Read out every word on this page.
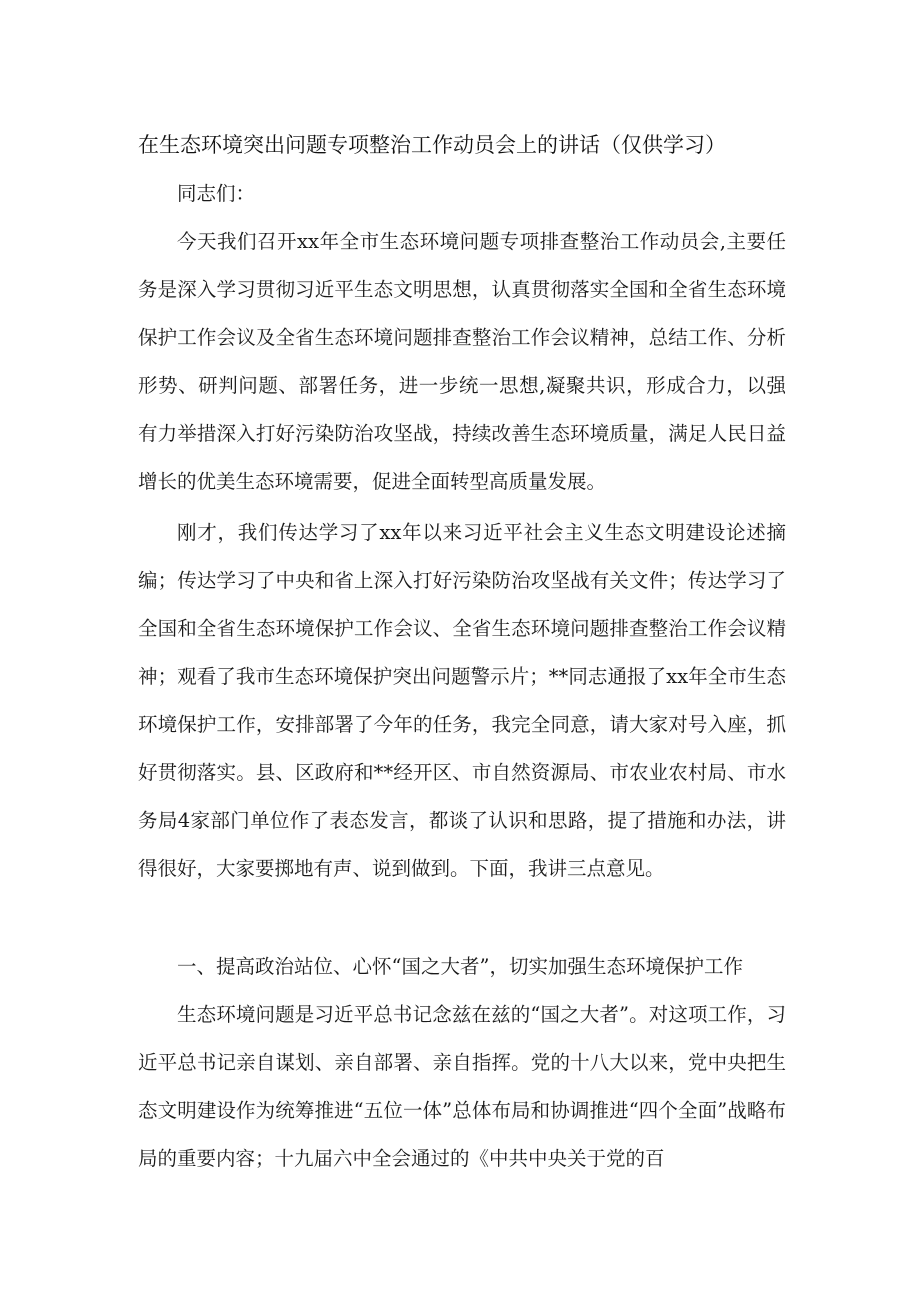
在生态环境突出问题专项整治工作动员会上的讲话（仅供学习）

同志们：

今天我们召开xx年全市生态环境问题专项排查整治工作动员会,主要任务是深入学习贯彻习近平生态文明思想，认真贯彻落实全国和全省生态环境保护工作会议及全省生态环境问题排查整治工作会议精神，总结工作、分析形势、研判问题、部署任务，进一步统一思想,凝聚共识，形成合力，以强有力举措深入打好污染防治攻坚战，持续改善生态环境质量，满足人民日益增长的优美生态环境需要，促进全面转型高质量发展。

刚才，我们传达学习了xx年以来习近平社会主义生态文明建设论述摘编；传达学习了中央和省上深入打好污染防治攻坚战有关文件；传达学习了全国和全省生态环境保护工作会议、全省生态环境问题排查整治工作会议精神；观看了我市生态环境保护突出问题警示片；**同志通报了xx年全市生态环境保护工作，安排部署了今年的任务，我完全同意，请大家对号入座，抓好贯彻落实。县、区政府和**经开区、市自然资源局、市农业农村局、市水务局4家部门单位作了表态发言，都谈了认识和思路，提了措施和办法，讲得很好，大家要掷地有声、说到做到。下面，我讲三点意见。

一、提高政治站位、心怀“国之大者”，切实加强生态环境保护工作

生态环境问题是习近平总书记念兹在兹的“国之大者”。对这项工作，习近平总书记亲自谋划、亲自部署、亲自指挥。党的十八大以来，党中央把生态文明建设作为统筹推进“五位一体”总体布局和协调推进“四个全面”战略布局的重要内容；十九届六中全会通过的《中共中央关于党的百
